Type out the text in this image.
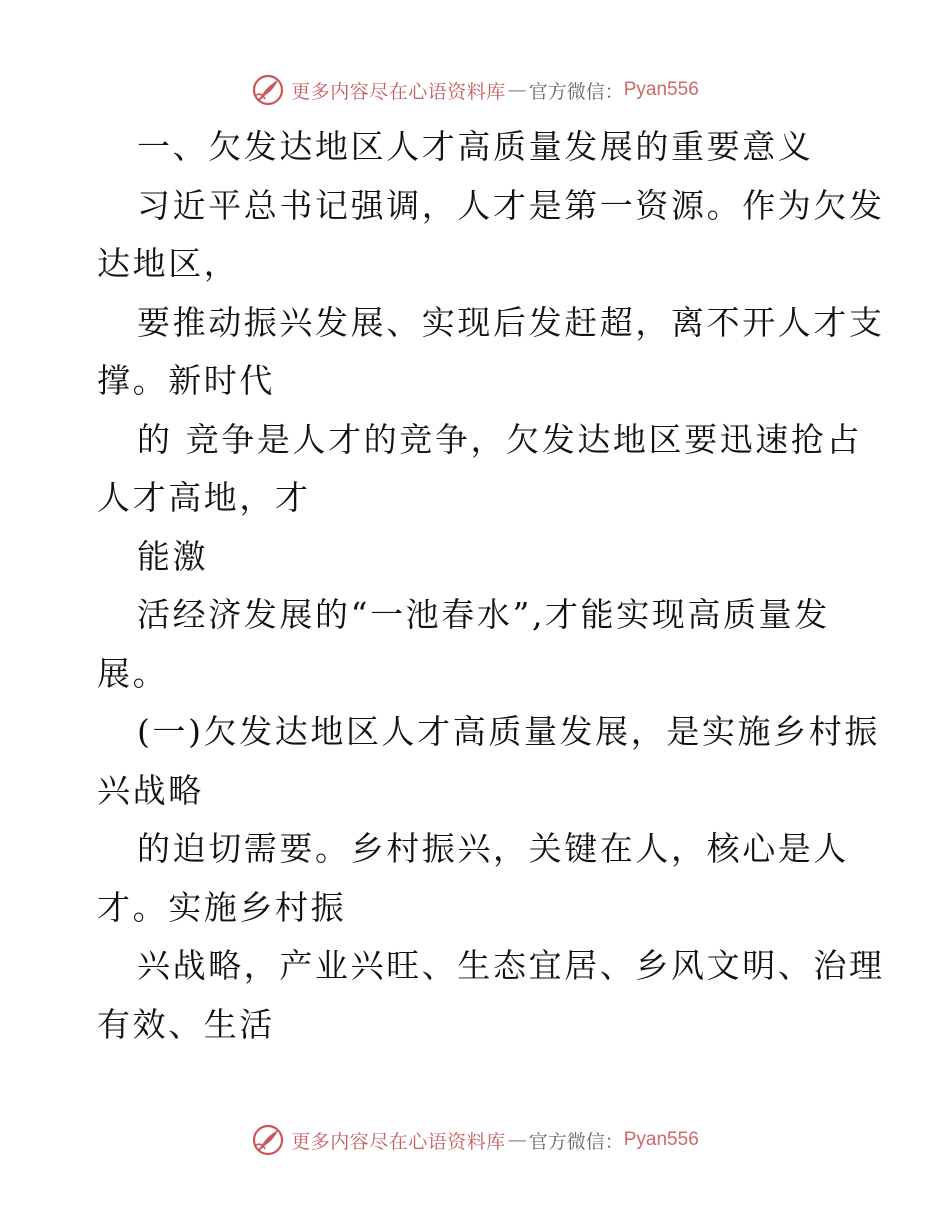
更多内容尽在心语资料库 — 官方微信： Pyan556
一、欠发达地区人才高质量发展的重要意义
习近平总书记强调，人才是第一资源。作为欠发
达地区，
要推动振兴发展、实现后发赶超，离不开人才支
撑。新时代
的 竞争是人才的竞争，欠发达地区要迅速抢占
人才高地，才
能激
活经济发展的“一池春水”,才能实现高质量发
展。
(一)欠发达地区人才高质量发展，是实施乡村振
兴战略
的迫切需要。乡村振兴，关键在人，核心是人
才。实施乡村振
兴战略，产业兴旺、生态宜居、乡风文明、治理
有效、生活
更多内容尽在心语资料库 — 官方微信： Pyan556
